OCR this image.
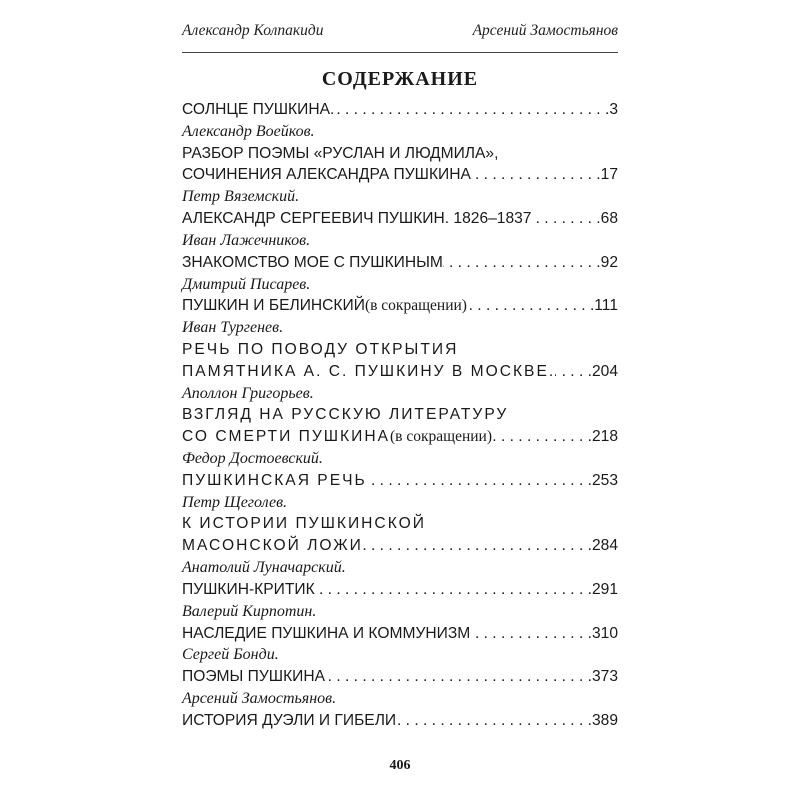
Александр Колпакиди	Арсений Замостьянов
СОДЕРЖАНИЕ
СОЛНЦЕ ПУШКИНА. . . .	3
Александр Воейков.
РАЗБОР ПОЭМЫ «РУСЛАН И ЛЮДМИЛА»,
СОЧИНЕНИЯ АЛЕКСАНДРА ПУШКИНА . . .	17
Петр Вяземский.
АЛЕКСАНДР СЕРГЕЕВИЧ ПУШКИН. 1826–1837 . . .	68
Иван Лажечников.
ЗНАКОМСТВО МОЕ С ПУШКИНЫМ . . .	92
Дмитрий Писарев.
ПУШКИН И БЕЛИНСКИЙ (в сокращении) . . .	111
Иван Тургенев.
РЕЧЬ ПО ПОВОДУ ОТКРЫТИЯ
ПАМЯТНИКА А. С. ПУШКИНУ В МОСКВЕ. . . . 204
Аполлон Григорьев.
ВЗГЛЯД НА РУССКУЮ ЛИТЕРАТУРУ
СО СМЕРТИ ПУШКИНА (в сокращении) . . .	218
Федор Достоевский.
ПУШКИНСКАЯ РЕЧЬ . . .	253
Петр Щеголев.
К ИСТОРИИ ПУШКИНСКОЙ
МАСОНСКОЙ ЛОЖИ . . .	284
Анатолий Луначарский.
ПУШКИН-КРИТИК . . .	291
Валерий Кирпотин.
НАСЛЕДИЕ ПУШКИНА И КОММУНИЗМ . . .	310
Сергей Бонди.
ПОЭМЫ ПУШКИНА . . .	373
Арсений Замостьянов.
ИСТОРИЯ ДУЭЛИ И ГИБЕЛИ . . .	389
406
